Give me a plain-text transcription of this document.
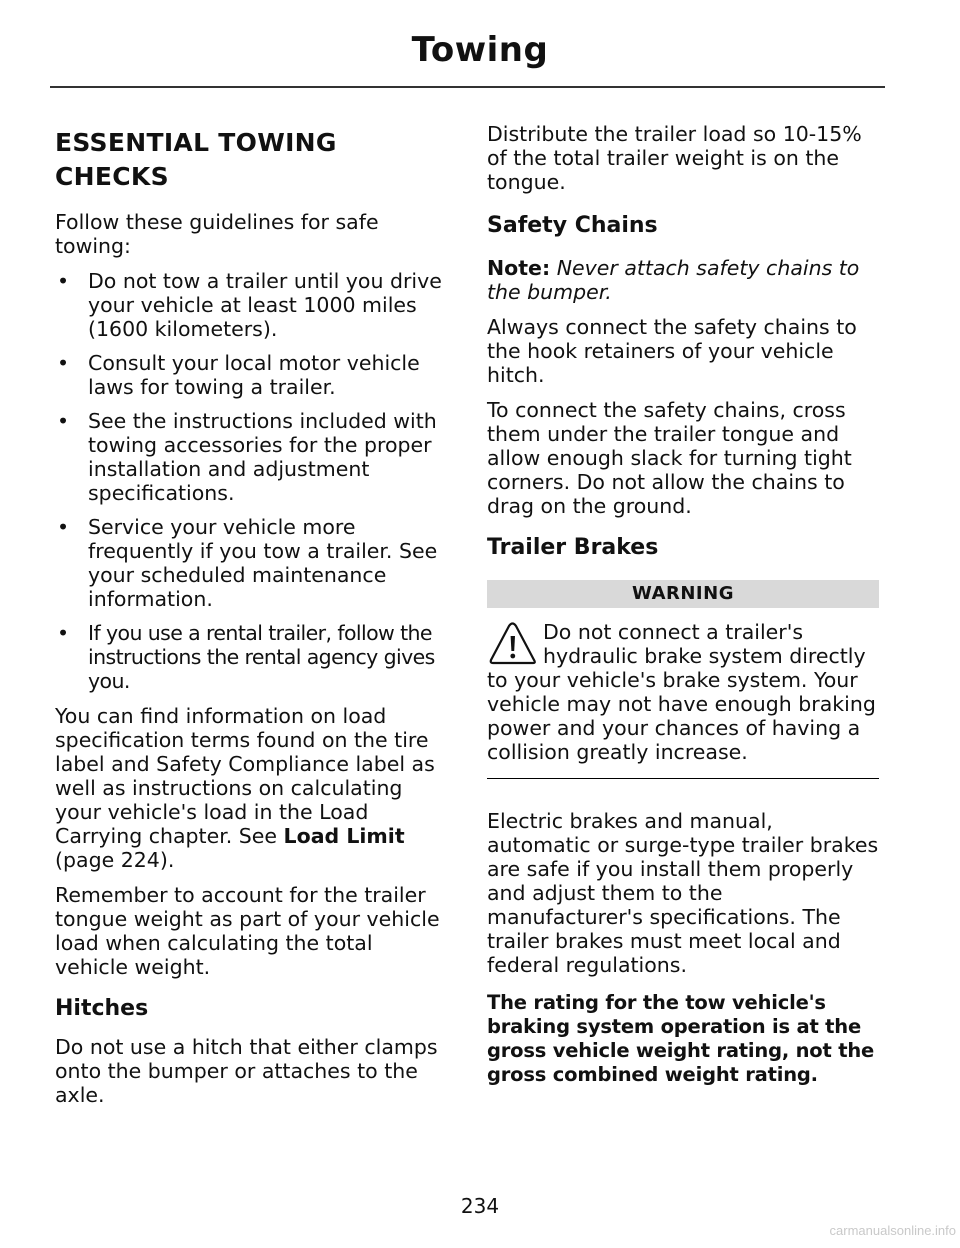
Towing
ESSENTIAL TOWING CHECKS

Follow these guidelines for safe towing:

• Do not tow a trailer until you drive your vehicle at least 1000 miles (1600 kilometers).
• Consult your local motor vehicle laws for towing a trailer.
• See the instructions included with towing accessories for the proper installation and adjustment specifications.
• Service your vehicle more frequently if you tow a trailer. See your scheduled maintenance information.
• If you use a rental trailer, follow the instructions the rental agency gives you.

You can find information on load specification terms found on the tire label and Safety Compliance label as well as instructions on calculating your vehicle's load in the Load Carrying chapter. See Load Limit (page 224).

Remember to account for the trailer tongue weight as part of your vehicle load when calculating the total vehicle weight.

Hitches

Do not use a hitch that either clamps onto the bumper or attaches to the axle.

Distribute the trailer load so 10-15% of the total trailer weight is on the tongue.

Safety Chains

Note: Never attach safety chains to the bumper.

Always connect the safety chains to the hook retainers of your vehicle hitch.

To connect the safety chains, cross them under the trailer tongue and allow enough slack for turning tight corners. Do not allow the chains to drag on the ground.

Trailer Brakes
WARNING
Do not connect a trailer's hydraulic brake system directly to your vehicle's brake system. Your vehicle may not have enough braking power and your chances of having a collision greatly increase.

Electric brakes and manual, automatic or surge-type trailer brakes are safe if you install them properly and adjust them to the manufacturer's specifications. The trailer brakes must meet local and federal regulations.

The rating for the tow vehicle's braking system operation is at the gross vehicle weight rating, not the gross combined weight rating.

234
carmanualsonline.info
